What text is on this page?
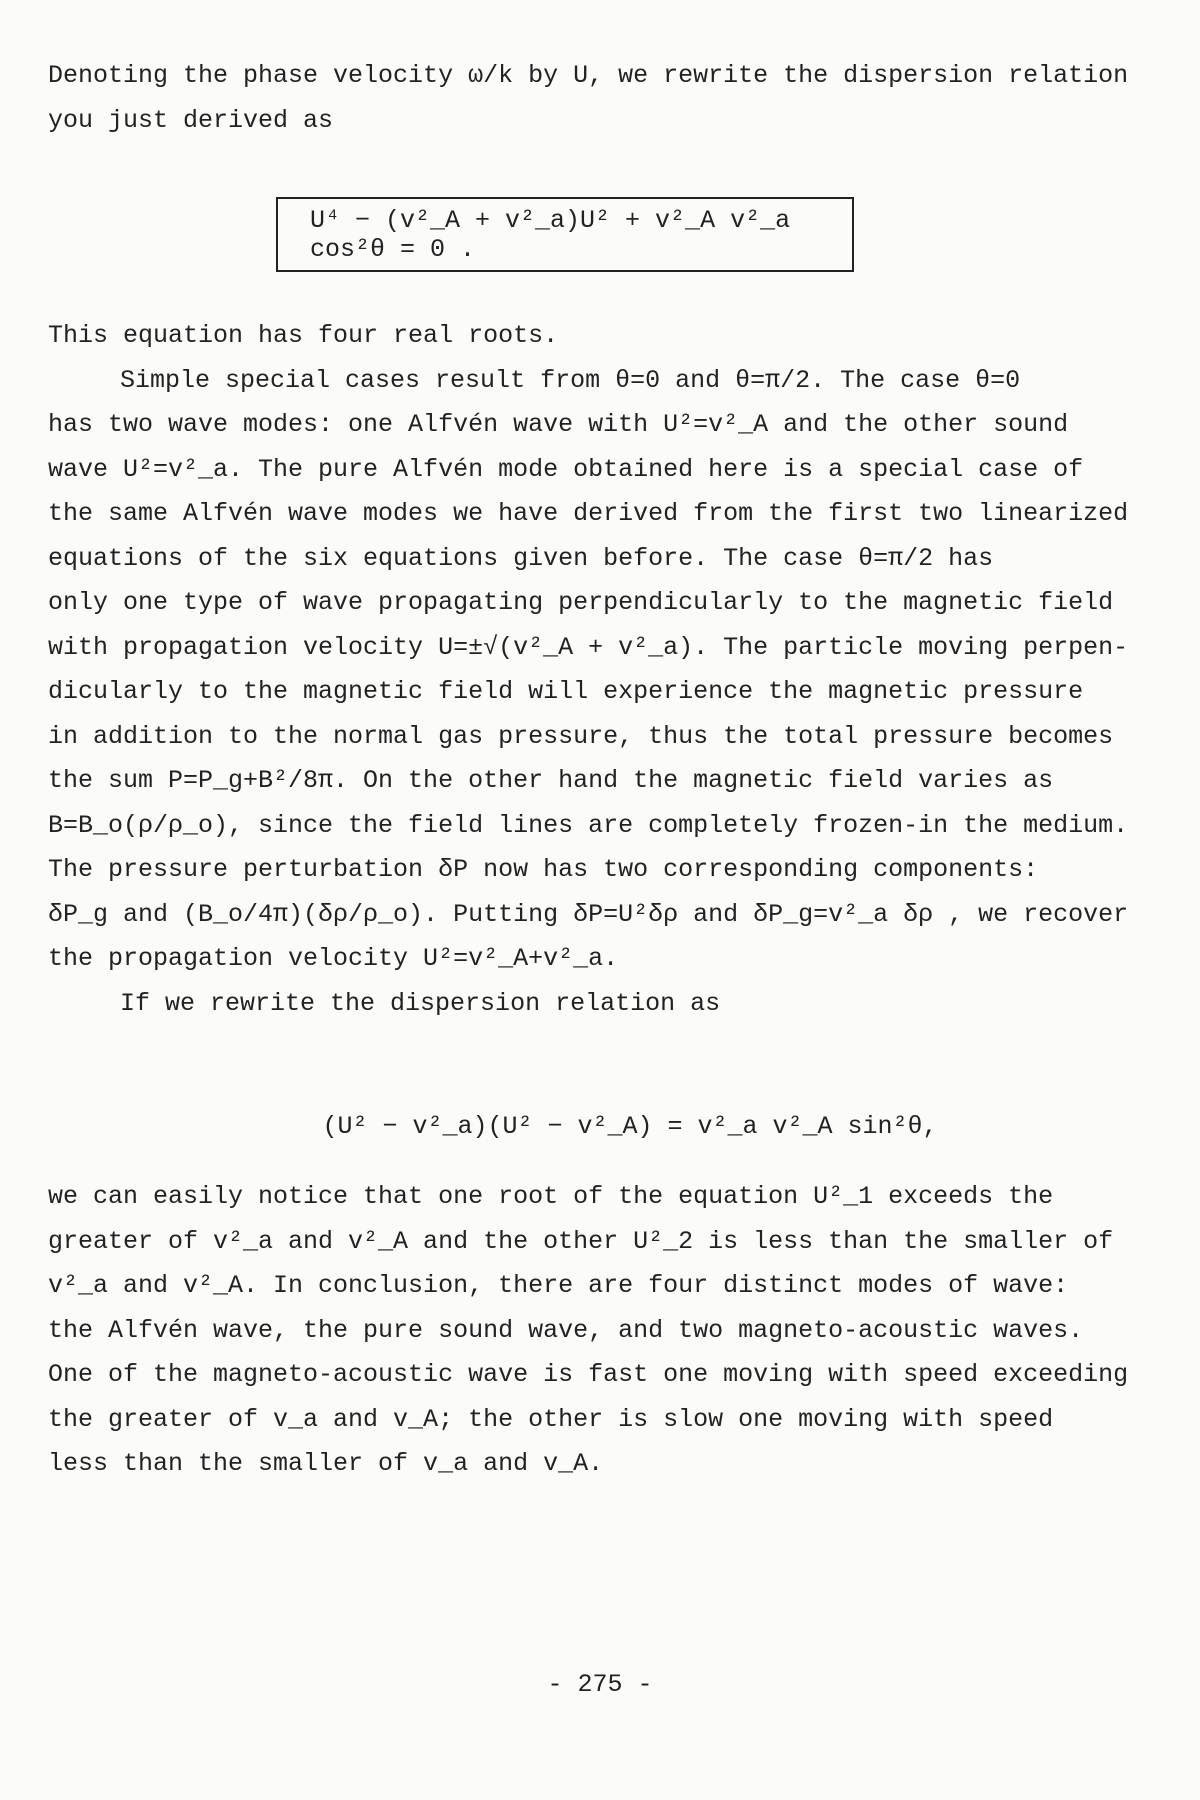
Denoting the phase velocity ω/k by U, we rewrite the dispersion relation
you just derived as
U⁴ − (v²_A + v²_a)U² + v²_A v²_a cos²θ = 0 .
This equation has four real roots.
Simple special cases result from θ=0 and θ=π/2. The case θ=0
has two wave modes: one Alfvén wave with U²=v²_A and the other sound
wave U²=v²_a. The pure Alfvén mode obtained here is a special case of
the same Alfvén wave modes we have derived from the first two linearized
equations of the six equations given before. The case θ=π/2 has
only one type of wave propagating perpendicularly to the magnetic field
with propagation velocity U=±√(v²_A + v²_a). The particle moving perpen-
dicularly to the magnetic field will experience the magnetic pressure
in addition to the normal gas pressure, thus the total pressure becomes
the sum P=P_g+B²/8π. On the other hand the magnetic field varies as
B=B_o(ρ/ρ_o), since the field lines are completely frozen-in the medium.
The pressure perturbation δP now has two corresponding components:
δP_g and (B_o/4π)(δρ/ρ_o). Putting δP=U²δρ and δP_g=v²_a δρ , we recover
the propagation velocity U²=v²_A+v²_a.
If we rewrite the dispersion relation as

(U² − v²_a)(U² − v²_A) = v²_a v²_A sin²θ,

we can easily notice that one root of the equation U²_1 exceeds the
greater of v²_a and v²_A and the other U²_2 is less than the smaller of
v²_a and v²_A. In conclusion, there are four distinct modes of wave:
the Alfvén wave, the pure sound wave, and two magneto-acoustic waves.
One of the magneto-acoustic wave is fast one moving with speed exceeding
the greater of v_a and v_A; the other is slow one moving with speed
less than the smaller of v_a and v_A.
- 275 -
